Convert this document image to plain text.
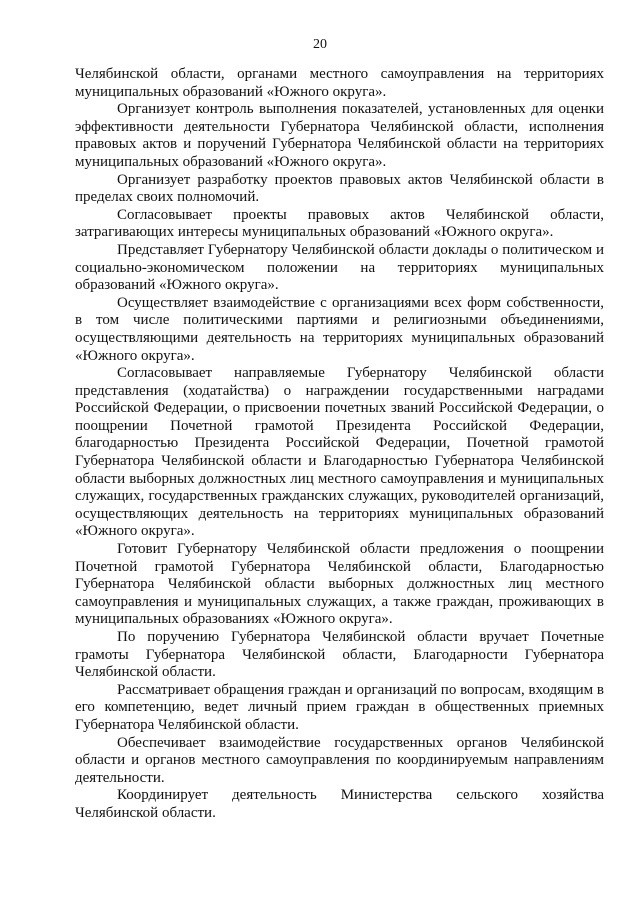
20

Челябинской области, органами местного самоуправления на территориях муниципальных образований «Южного округа».

Организует контроль выполнения показателей, установленных для оценки эффективности деятельности Губернатора Челябинской области, исполнения правовых актов и поручений Губернатора Челябинской области на территориях муниципальных образований «Южного округа».

Организует разработку проектов правовых актов Челябинской области в пределах своих полномочий.

Согласовывает проекты правовых актов Челябинской области, затрагивающих интересы муниципальных образований «Южного округа».

Представляет Губернатору Челябинской области доклады о политическом и социально-экономическом положении на территориях муниципальных образований «Южного округа».

Осуществляет взаимодействие с организациями всех форм собственности, в том числе политическими партиями и религиозными объединениями, осуществляющими деятельность на территориях муниципальных образований «Южного округа».

Согласовывает направляемые Губернатору Челябинской области представления (ходатайства) о награждении государственными наградами Российской Федерации, о присвоении почетных званий Российской Федерации, о поощрении Почетной грамотой Президента Российской Федерации, благодарностью Президента Российской Федерации, Почетной грамотой Губернатора Челябинской области и Благодарностью Губернатора Челябинской области выборных должностных лиц местного самоуправления и муниципальных служащих, государственных гражданских служащих, руководителей организаций, осуществляющих деятельность на территориях муниципальных образований «Южного округа».

Готовит Губернатору Челябинской области предложения о поощрении Почетной грамотой Губернатора Челябинской области, Благодарностью Губернатора Челябинской области выборных должностных лиц местного самоуправления и муниципальных служащих, а также граждан, проживающих в муниципальных образованиях «Южного округа».

По поручению Губернатора Челябинской области вручает Почетные грамоты Губернатора Челябинской области, Благодарности Губернатора Челябинской области.

Рассматривает обращения граждан и организаций по вопросам, входящим в его компетенцию, ведет личный прием граждан в общественных приемных Губернатора Челябинской области.

Обеспечивает взаимодействие государственных органов Челябинской области и органов местного самоуправления по координируемым направлениям деятельности.

Координирует деятельность Министерства сельского хозяйства Челябинской области.
